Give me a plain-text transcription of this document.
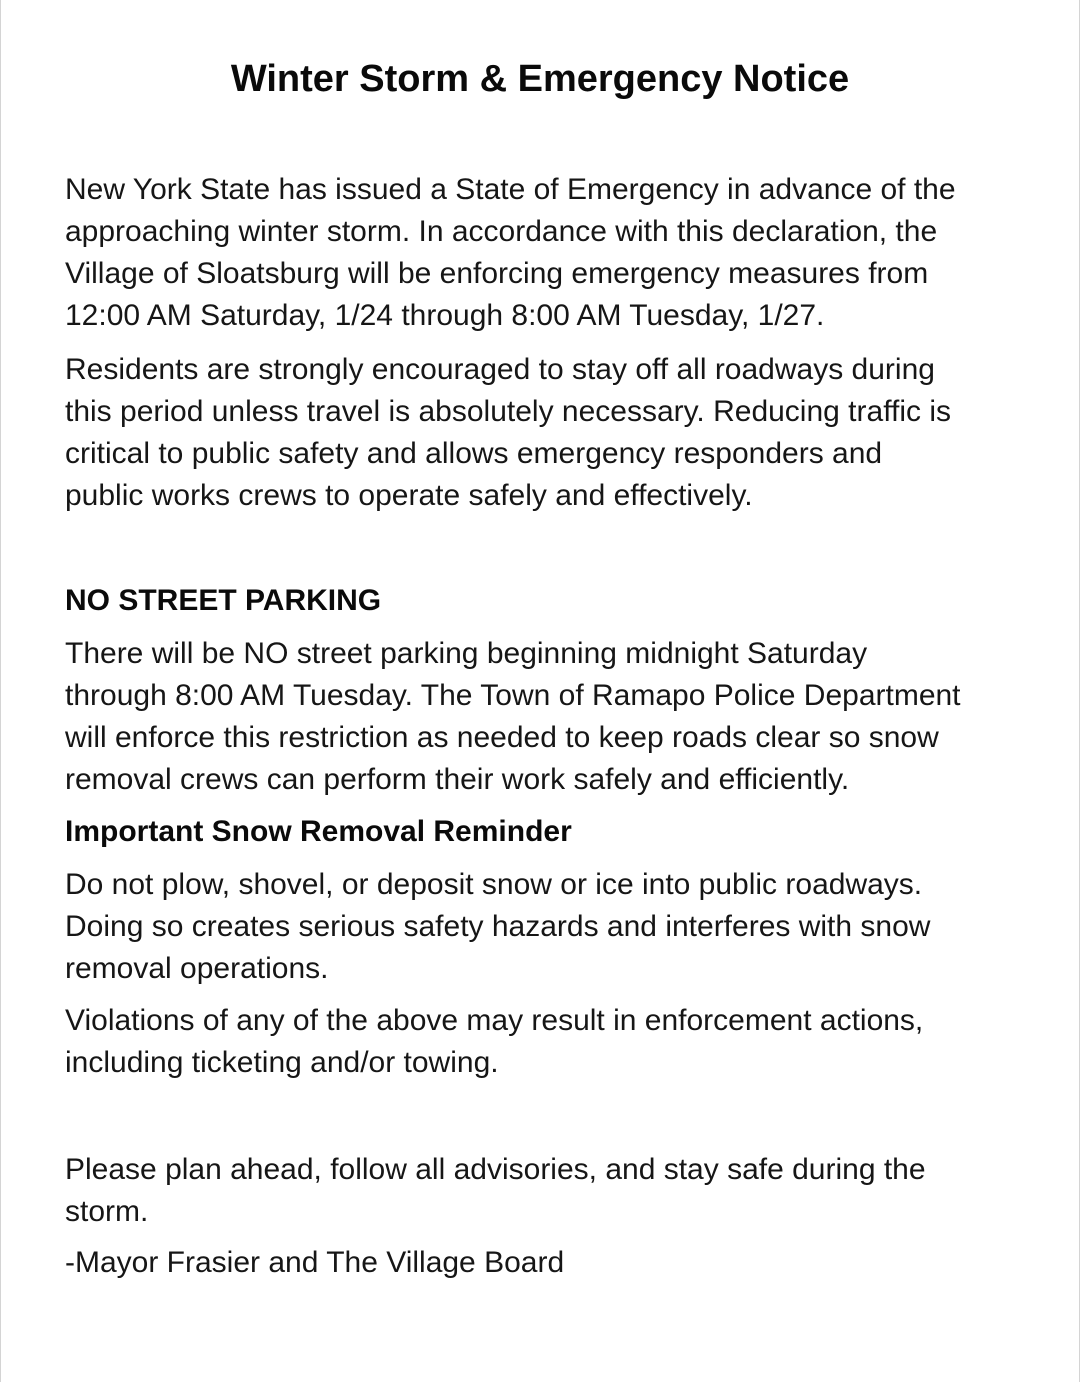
Winter Storm & Emergency Notice

New York State has issued a State of Emergency in advance of the
approaching winter storm. In accordance with this declaration, the
Village of Sloatsburg will be enforcing emergency measures from
12:00 AM Saturday, 1/24 through 8:00 AM Tuesday, 1/27.

Residents are strongly encouraged to stay off all roadways during
this period unless travel is absolutely necessary. Reducing traffic is
critical to public safety and allows emergency responders and
public works crews to operate safely and effectively.

NO STREET PARKING

There will be NO street parking beginning midnight Saturday
through 8:00 AM Tuesday. The Town of Ramapo Police Department
will enforce this restriction as needed to keep roads clear so snow
removal crews can perform their work safely and efficiently.

Important Snow Removal Reminder

Do not plow, shovel, or deposit snow or ice into public roadways.
Doing so creates serious safety hazards and interferes with snow
removal operations.

Violations of any of the above may result in enforcement actions,
including ticketing and/or towing.

Please plan ahead, follow all advisories, and stay safe during the
storm.

-Mayor Frasier and The Village Board
